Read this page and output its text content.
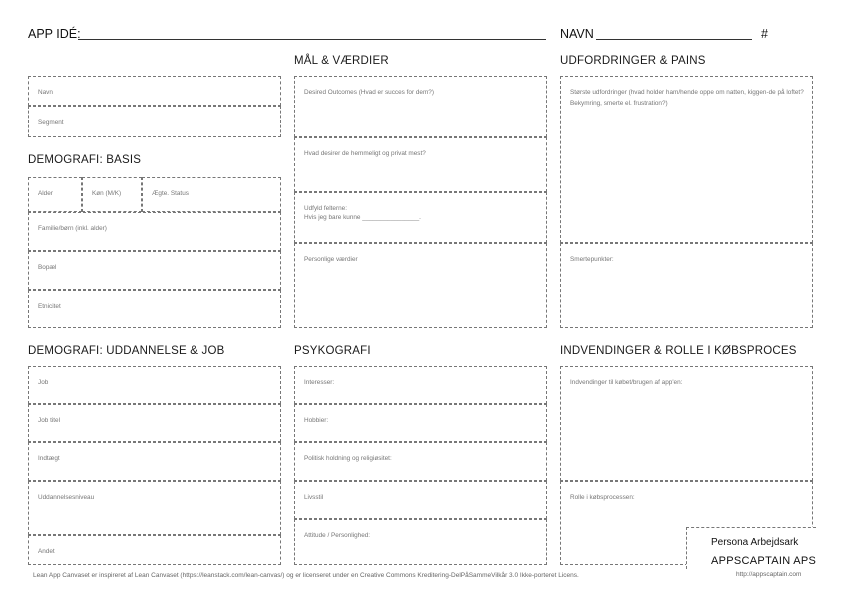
APP IDÉ:	NAVN	#
MÅL & VÆRDIER	UDFORDRINGER & PAINS
DEMOGRAFI: BASIS
DEMOGRAFI: UDDANNELSE & JOB	PSYKOGRAFI	INDVENDINGER & ROLLE I KØBSPROCES
Navn
Segment
Alder	Køn (M/K)	Ægte. Status
Familie/børn (inkl. alder)
Bopæl
Etnicitet
Job
Job titel
Indtægt
Uddannelsesniveau
Andet
Desired Outcomes (Hvad er succes for dem?)
Hvad desirer de hemmeligt og privat mest?
Udfyld felterne:
Hvis jeg bare kunne ________________.
Personlige værdier
Interesser:
Hobbier:
Politisk holdning og religiøsitet:
Livsstil
Attitude / Personlighed:
Største udfordringer (hvad holder ham/hende oppe om natten, kiggen-de på loftet? Bekymring, smerte el. frustration?)
Smertepunkter:
Indvendinger til købet/brugen af app'en:
Rolle i købsprocessen:
Persona Arbejdsark
APPSCAPTAIN APS
http://appscaptain.com
Lean App Canvaset er inspireret af Lean Canvaset (https://leanstack.com/lean-canvas/) og er licenseret under en Creative Commons Kreditering-DelPåSammeVilkår 3.0 Ikke-porteret Licens.
